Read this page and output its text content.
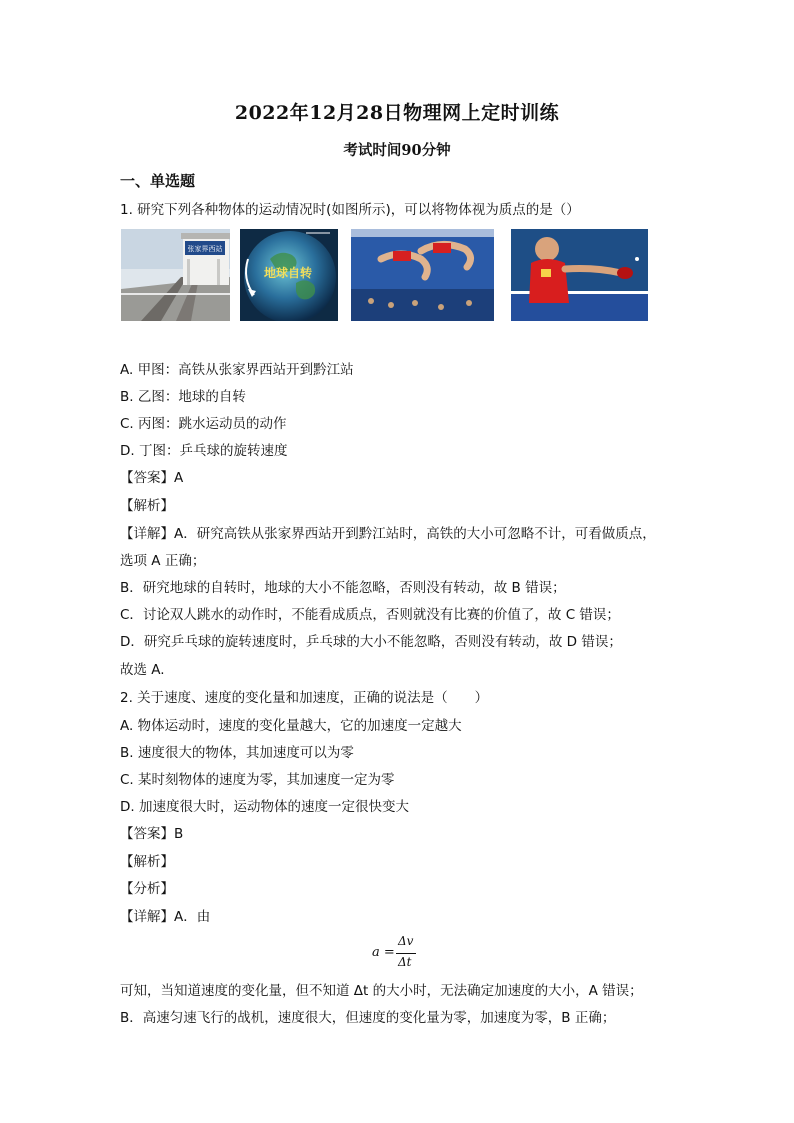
2022年12月28日物理网上定时训练
考试时间90分钟
一、单选题
1. 研究下列各种物体的运动情况时(如图所示)，可以将物体视为质点的是（）
张家界西站
地球自转
A. 甲图：高铁从张家界西站开到黔江站
B. 乙图：地球的自转
C. 丙图：跳水运动员的动作
D. 丁图：乒乓球的旋转速度
【答案】A
【解析】
【详解】A．研究高铁从张家界西站开到黔江站时，高铁的大小可忽略不计，可看做质点，
选项 A 正确；
B．研究地球的自转时，地球的大小不能忽略，否则没有转动，故 B 错误；
C．讨论双人跳水的动作时，不能看成质点，否则就没有比赛的价值了，故 C 错误；
D．研究乒乓球的旋转速度时，乒乓球的大小不能忽略，否则没有转动，故 D 错误；
故选 A.
2. 关于速度、速度的变化量和加速度，正确的说法是（　　）
A. 物体运动时，速度的变化量越大，它的加速度一定越大
B. 速度很大的物体，其加速度可以为零
C. 某时刻物体的速度为零，其加速度一定为零
D. 加速度很大时，运动物体的速度一定很快变大
【答案】B
【解析】
【分析】
【详解】A．由
a =
Δv
Δt
可知，当知道速度的变化量，但不知道 Δt 的大小时，无法确定加速度的大小，A 错误；
B．高速匀速飞行的战机，速度很大，但速度的变化量为零，加速度为零，B 正确；
